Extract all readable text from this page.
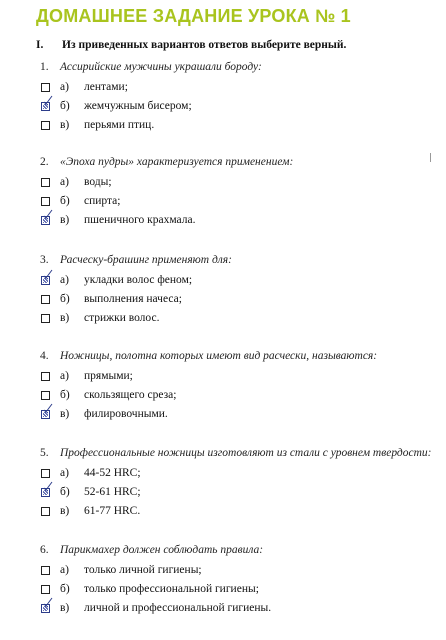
ДОМАШНЕЕ ЗАДАНИЕ УРОКА № 1
I. Из приведенных вариантов ответов выберите верный.
1. Ассирийские мужчины украшали бороду:
а) лентами;
б) жемчужным бисером;
в) перьями птиц.
2. «Эпоха пудры» характеризуется применением:
а) воды;
б) спирта;
в) пшеничного крахмала.
3. Расческу-брашинг применяют для:
а) укладки волос феном;
б) выполнения начеса;
в) стрижки волос.
4. Ножницы, полотна которых имеют вид расчески, называются:
а) прямыми;
б) скользящего среза;
в) филировочными.
5. Профессиональные ножницы изготовляют из стали с уровнем твердости:
а) 44-52 HRC;
б) 52-61 HRC;
в) 61-77 HRC.
6. Парикмахер должен соблюдать правила:
а) только личной гигиены;
б) только профессиональной гигиены;
в) личной и профессиональной гигиены.
